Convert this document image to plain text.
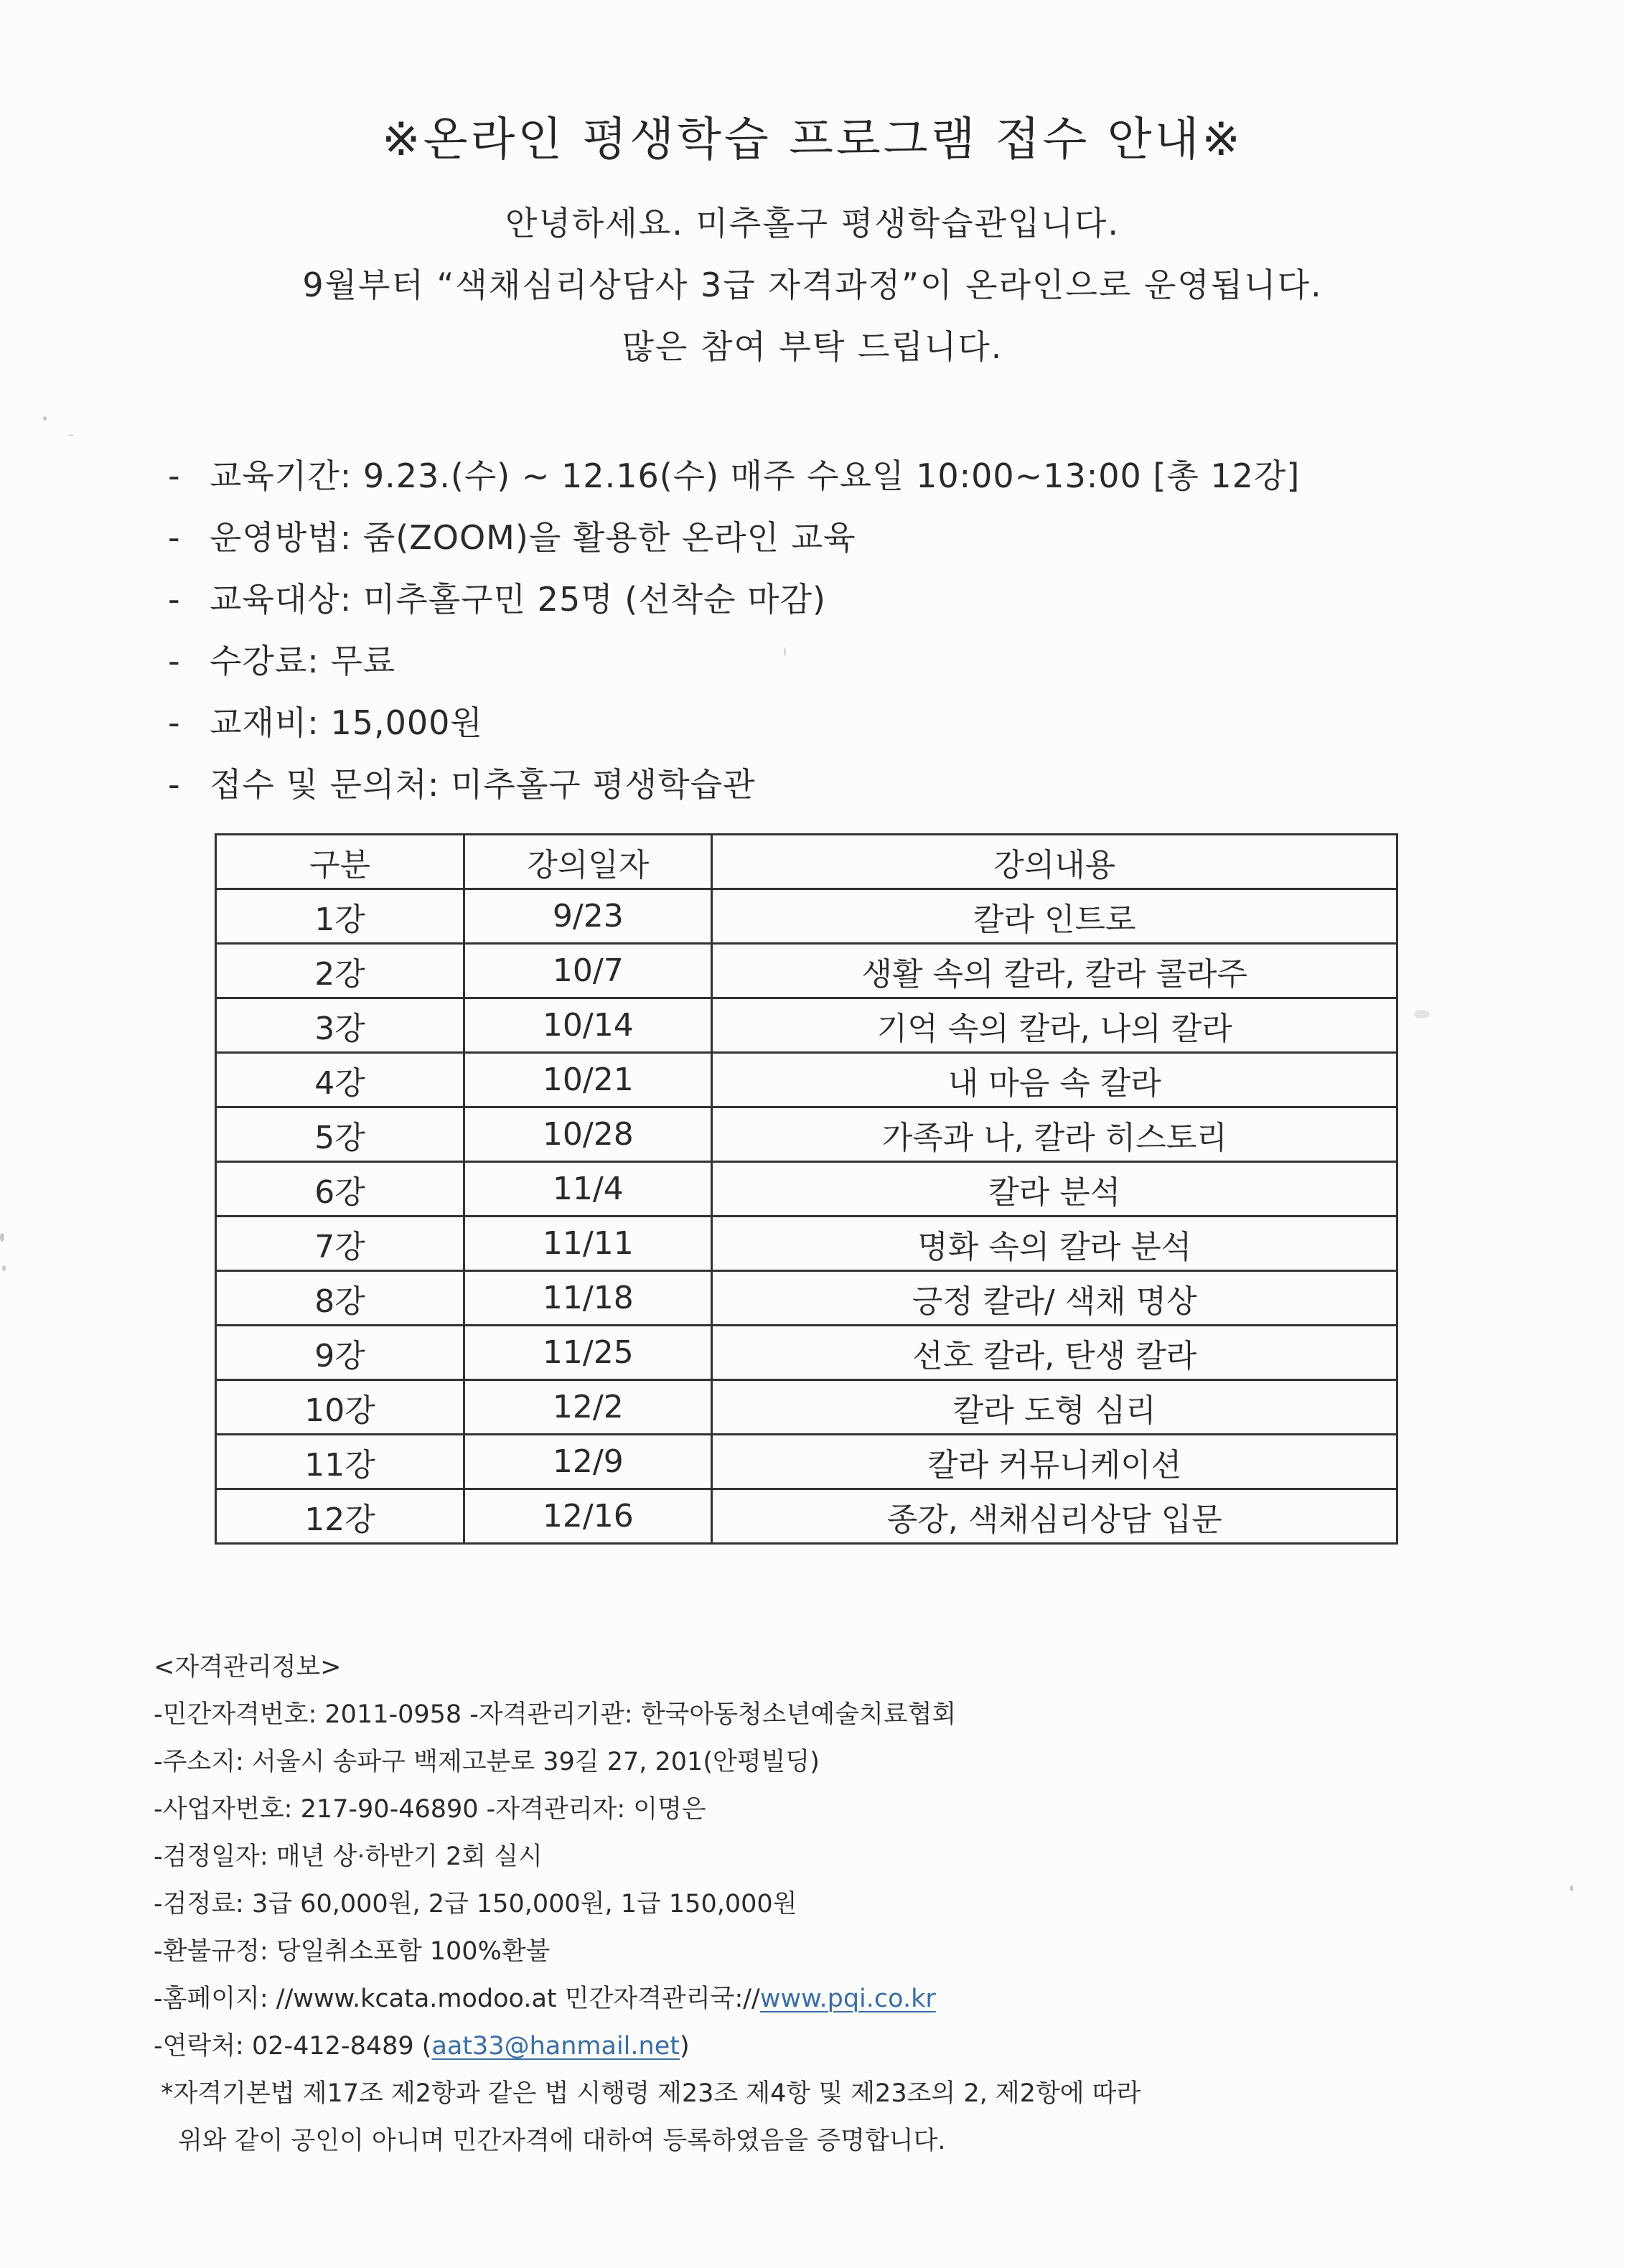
※온라인 평생학습 프로그램 접수 안내※
안녕하세요. 미추홀구 평생학습관입니다.
9월부터 “색채심리상담사 3급 자격과정”이 온라인으로 운영됩니다.
많은 참여 부탁 드립니다.
- 교육기간:
9.23.(수) ~ 12.16(수) 매주 수요일 10:00~13:00 [총 12강]
- 운영방법:
줌(ZOOM)을 활용한 온라인 교육
- 교육대상:
미추홀구민 25명 (선착순 마감)
- 수강료:
무료
- 교재비:
15,000원
- 접수 및 문의처:
미추홀구 평생학습관
구분	강의일자	강의내용
1강	9/23	칼라 인트로
2강	10/7	생활 속의 칼라, 칼라 콜라주
3강	10/14	기억 속의 칼라, 나의 칼라
4강	10/21	내 마음 속 칼라
5강	10/28	가족과 나, 칼라 히스토리
6강	11/4	칼라 분석
7강	11/11	명화 속의 칼라 분석
8강	11/18	긍정 칼라/ 색채 명상
9강	11/25	선호 칼라, 탄생 칼라
10강	12/2	칼라 도형 심리
11강	12/9	칼라 커뮤니케이션
12강	12/16	종강, 색채심리상담 입문
<자격관리정보>
-민간자격번호: 2011-0958 -자격관리기관: 한국아동청소년예술치료협회
-주소지: 서울시 송파구 백제고분로 39길 27, 201(안평빌딩)
-사업자번호: 217-90-46890 -자격관리자: 이명은
-검정일자: 매년 상·하반기 2회 실시
-검정료: 3급 60,000원, 2급 150,000원, 1급 150,000원
-환불규정: 당일취소포함 100%환불
-홈페이지: //www.kcata.modoo.at 민간자격관리국://www.pqi.co.kr
-연락처: 02-412-8489 (aat33@hanmail.net)
*자격기본법 제17조 제2항과 같은 법 시행령 제23조 제4항 및 제23조의 2, 제2항에 따라
위와 같이 공인이 아니며 민간자격에 대하여 등록하였음을 증명합니다.
